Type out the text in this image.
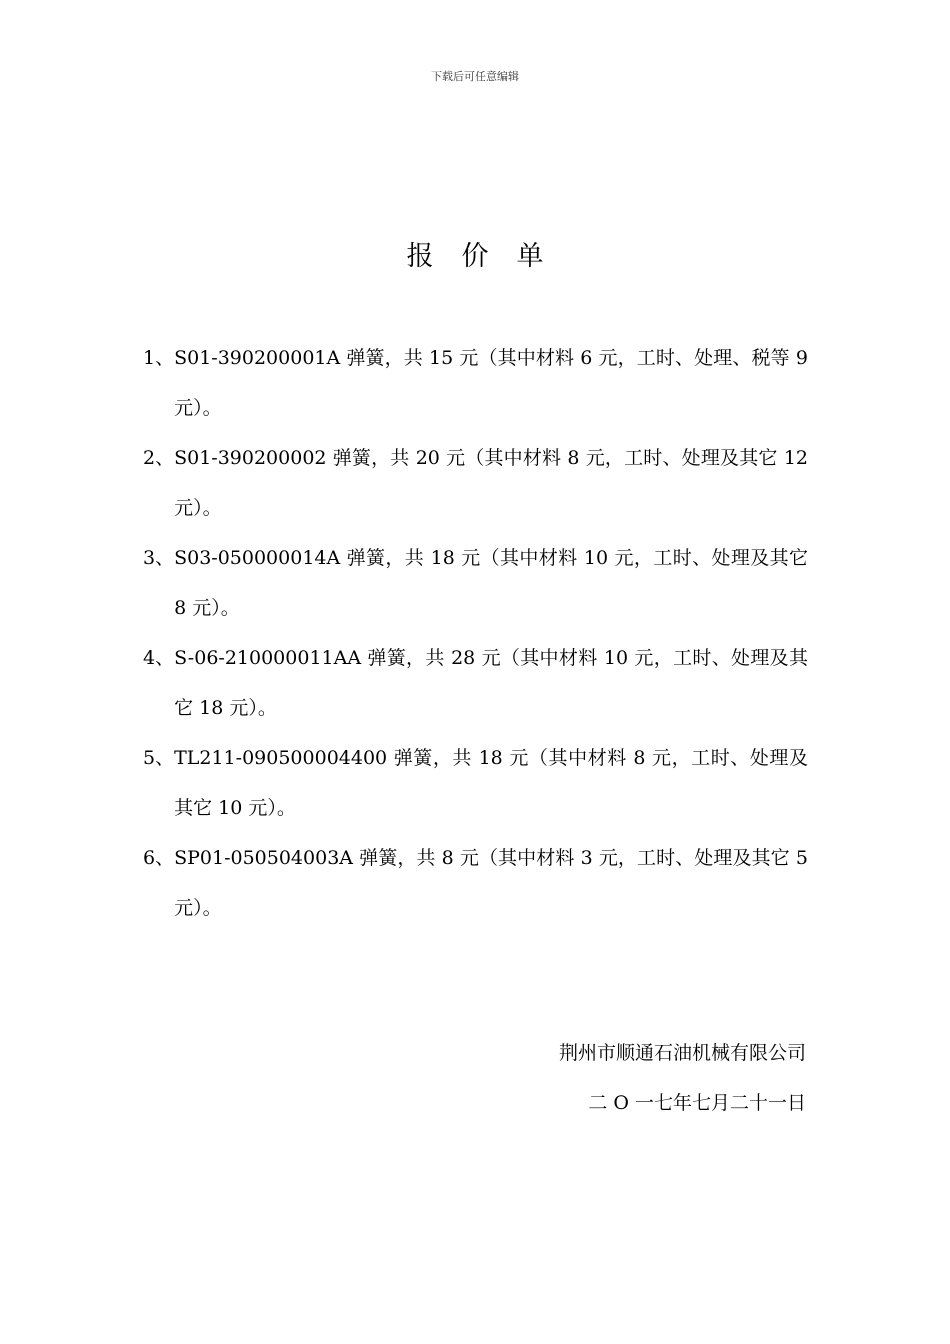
下载后可任意编辑
报价单
1、 S01-390200001A 弹簧，共 15 元（其中材料 6 元，工时、处理、税等 9 元）。
2、 S01-390200002 弹簧，共 20 元（其中材料 8 元，工时、处理及其它 12 元）。
3、 S03-050000014A 弹簧，共 18 元（其中材料 10 元，工时、处理及其它 8 元）。
4、 S-06-210000011AA 弹簧，共 28 元（其中材料 10 元，工时、处理及其它 18 元）。
5、 TL211-090500004400 弹簧，共 18 元（其中材料 8 元，工时、处理及其它 10 元）。
6、 SP01-050504003A 弹簧，共 8 元（其中材料 3 元，工时、处理及其它 5 元）。
荆州市顺通石油机械有限公司
二 O 一七年七月二十一日
